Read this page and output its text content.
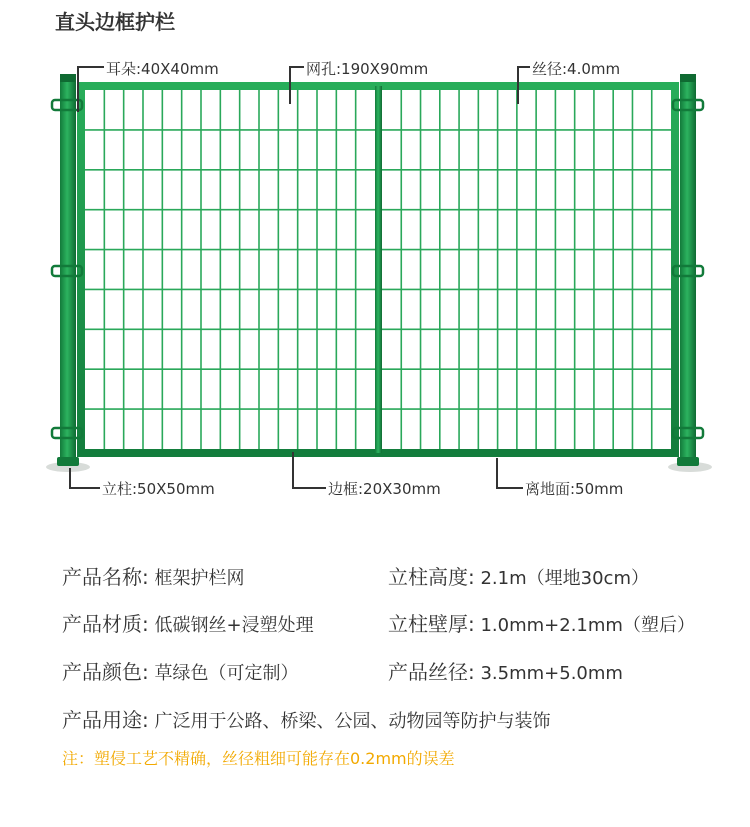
直头边框护栏
耳朵:40X40mm	网孔:190X90mm	丝径:4.0mm
立柱:50X50mm	边框:20X30mm	离地面:50mm
产品名称: 框架护栏网	立柱高度: 2.1m（埋地30cm）
产品材质: 低碳钢丝+浸塑处理	立柱壁厚: 1.0mm+2.1mm（塑后）
产品颜色: 草绿色（可定制）	产品丝径: 3.5mm+5.0mm
产品用途: 广泛用于公路、桥梁、公园、动物园等防护与装饰
注：塑侵工艺不精确，丝径粗细可能存在0.2mm的误差
